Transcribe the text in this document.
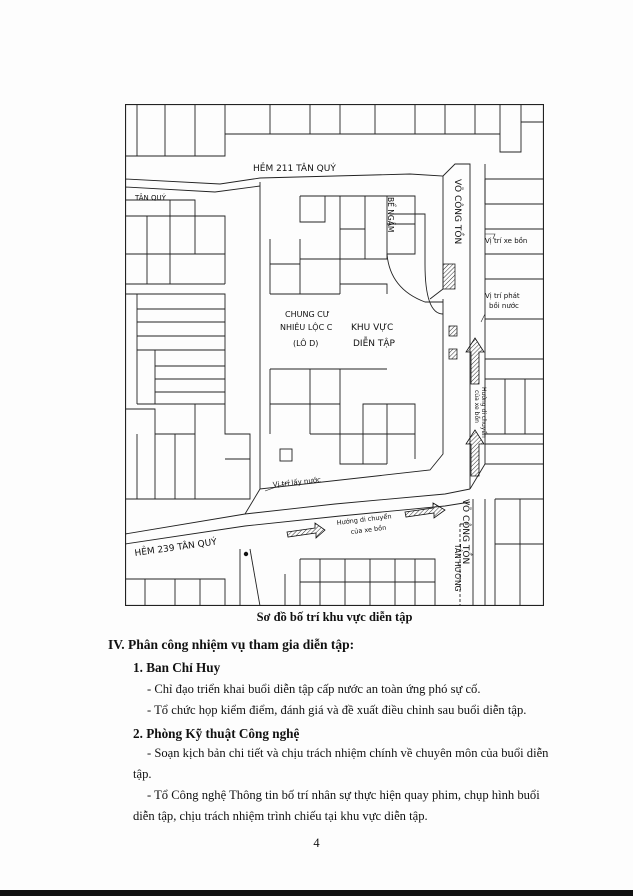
HẺM 211 TÂN QUÝ
TÂN QUÝ
HẺM 239 TÂN QUÝ
VÕ CÔNG TỒN
VÕ CÔNG TỒN
TÂN HƯƠNG
BỂ NGẦM
CHUNG CƯ
NHIÊU LỘC C
(LÔ D)
KHU VỰC
DIỄN TẬP
Vị trí xe bồn
Vị trí phát
bồi nước
Vị trí lấy nước
Hướng di chuyển
của xe bồn
Hướng di chuyển
của xe bồn
Sơ đồ bố trí khu vực diễn tập
IV. Phân công nhiệm vụ tham gia diễn tập:
1. Ban Chỉ Huy
- Chỉ đạo triển khai buổi diễn tập cấp nước an toàn ứng phó sự cố.
- Tổ chức họp kiểm điểm, đánh giá và đề xuất điều chỉnh sau buổi diễn tập.
2. Phòng Kỹ thuật Công nghệ
- Soạn kịch bản chi tiết và chịu trách nhiệm chính về chuyên môn của buổi diễn
tập.
- Tổ Công nghệ Thông tin bố trí nhân sự thực hiện quay phim, chụp hình buổi
diễn tập, chịu trách nhiệm trình chiếu tại khu vực diễn tập.
4
